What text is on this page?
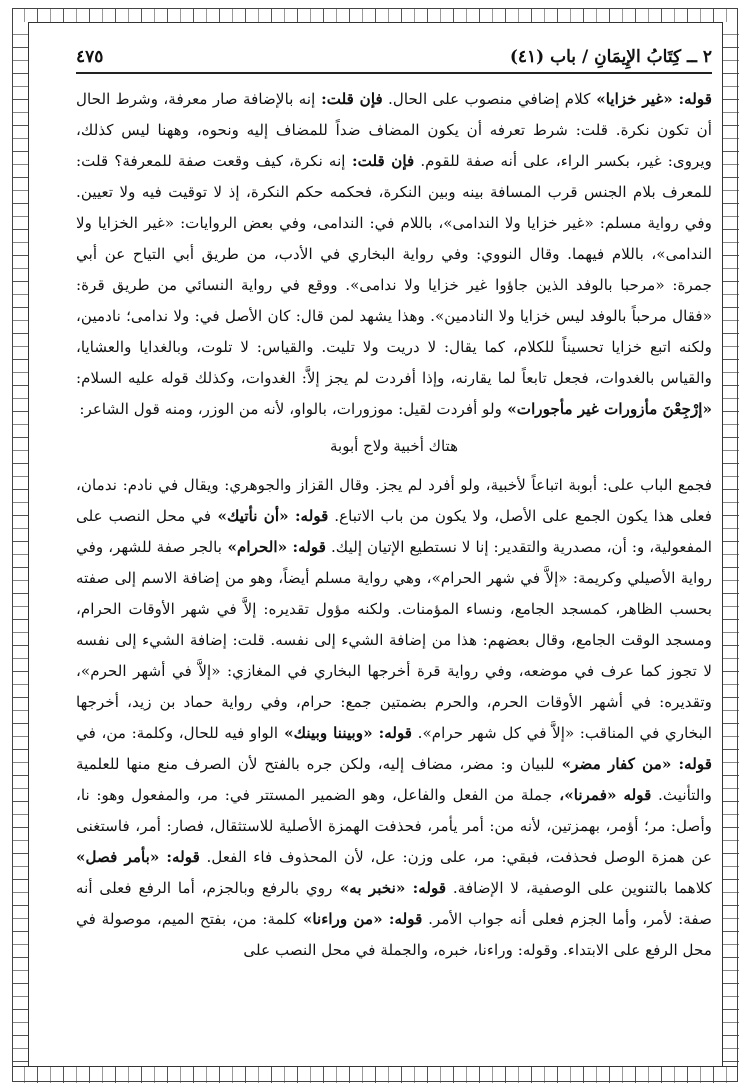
٢ ــ كِتَابُ الإِيمَانِ / باب (٤١)
٤٧٥

قوله: «غير خزايا» كلام إضافي منصوب على الحال. فإن قلت: إنه بالإضافة صار معرفة، وشرط الحال أن تكون نكرة. قلت: شرط تعرفه أن يكون المضاف ضداً للمضاف إليه ونحوه، وههنا ليس كذلك، ويروى: غير، بكسر الراء، على أنه صفة للقوم. فإن قلت: إنه نكرة، كيف وقعت صفة للمعرفة؟ قلت: للمعرف بلام الجنس قرب المسافة بينه وبين النكرة، فحكمه حكم النكرة، إذ لا توقيت فيه ولا تعيين. وفي رواية مسلم: «غير خزايا ولا الندامى»، باللام في: الندامى، وفي بعض الروايات: «غير الخزايا ولا الندامى»، باللام فيهما. وقال النووي: وفي رواية البخاري في الأدب، من طريق أبي التياح عن أبي جمرة: «مرحبا بالوفد الذين جاؤوا غير خزايا ولا ندامى». ووقع في رواية النسائي من طريق قرة: «فقال مرحباً بالوفد ليس خزايا ولا النادمين». وهذا يشهد لمن قال: كان الأصل في: ولا ندامى؛ نادمين، ولكنه اتبع خزايا تحسيناً للكلام، كما يقال: لا دريت ولا تليت. والقياس: لا تلوت، وبالغدايا والعشايا، والقياس بالغدوات، فجعل تابعاً لما يقارنه، وإذا أفردت لم يجز إلاَّ: الغدوات، وكذلك قوله عليه السلام: «إرْجِعْنَ مأزورات غير مأجورات» ولو أفردت لقيل: موزورات، بالواو، لأنه من الوزر، ومنه قول الشاعر:

هتاك أخبية ولاج أبوبة

فجمع الباب على: أبوبة اتباعاً لأخبية، ولو أفرد لم يجز. وقال القزاز والجوهري: ويقال في نادم: ندمان، فعلى هذا يكون الجمع على الأصل، ولا يكون من باب الاتباع. قوله: «أن نأتيك» في محل النصب على المفعولية، و: أن، مصدرية والتقدير: إنا لا نستطيع الإتيان إليك. قوله: «الحرام» بالجر صفة للشهر، وفي رواية الأصيلي وكريمة: «إلاَّ في شهر الحرام»، وهي رواية مسلم أيضاً، وهو من إضافة الاسم إلى صفته بحسب الظاهر، كمسجد الجامع، ونساء المؤمنات. ولكنه مؤول تقديره: إلاَّ في شهر الأوقات الحرام، ومسجد الوقت الجامع، وقال بعضهم: هذا من إضافة الشيء إلى نفسه. قلت: إضافة الشيء إلى نفسه لا تجوز كما عرف في موضعه، وفي رواية قرة أخرجها البخاري في المغازي: «إلاَّ في أشهر الحرم»، وتقديره: في أشهر الأوقات الحرم، والحرم بضمتين جمع: حرام، وفي رواية حماد بن زيد، أخرجها البخاري في المناقب: «إلاَّ في كل شهر حرام». قوله: «وبيننا وبينك» الواو فيه للحال، وكلمة: من، في قوله: «من كفار مضر» للبيان و: مضر، مضاف إليه، ولكن جره بالفتح لأن الصرف منع منها للعلمية والتأنيث. قوله «فمرنا»، جملة من الفعل والفاعل، وهو الضمير المستتر في: مر، والمفعول وهو: نا، وأصل: مر؛ أؤمر، بهمزتين، لأنه من: أمر يأمر، فحذفت الهمزة الأصلية للاستثقال، فصار: أمر، فاستغنى عن همزة الوصل فحذفت، فبقي: مر، على وزن: عل، لأن المحذوف فاء الفعل. قوله: «بأمر فصل» كلاهما بالتنوين على الوصفية، لا الإضافة. قوله: «نخبر به» روي بالرفع وبالجزم، أما الرفع فعلى أنه صفة: لأمر، وأما الجزم فعلى أنه جواب الأمر. قوله: «من وراءنا» كلمة: من، بفتح الميم، موصولة في محل الرفع على الابتداء. وقوله: وراءنا، خبره، والجملة في محل النصب على
